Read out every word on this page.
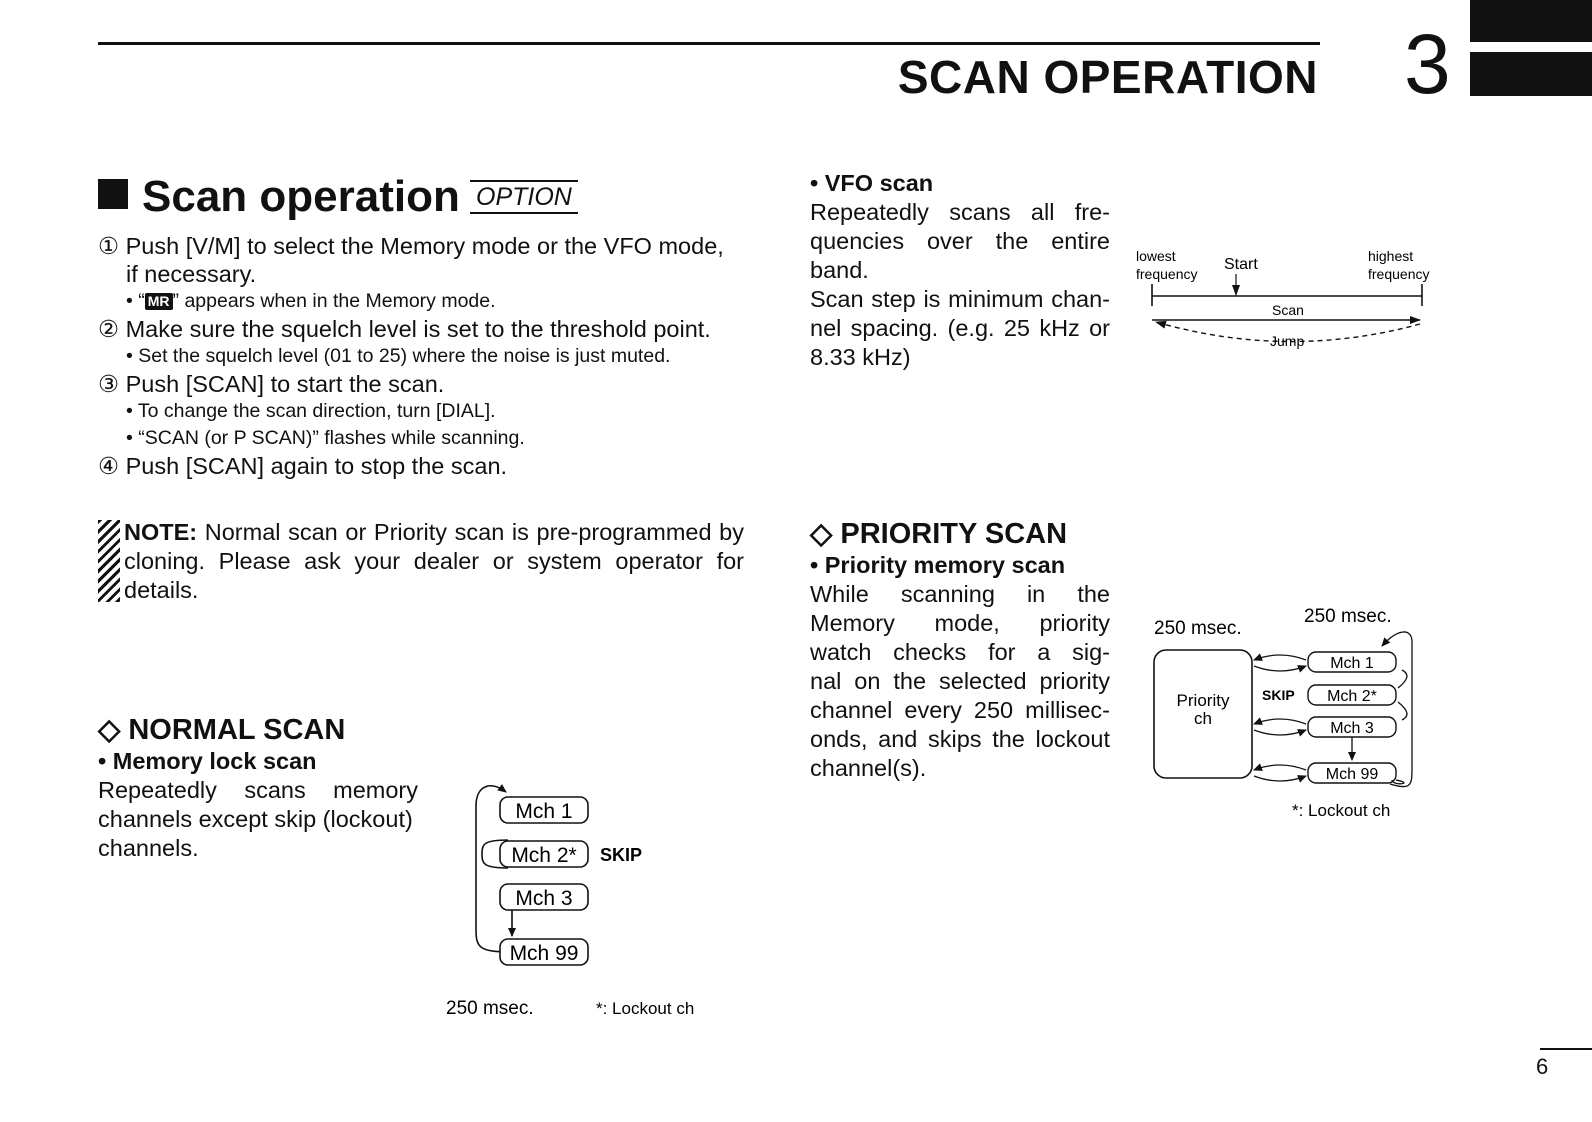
SCAN OPERATION 3
Scan operation OPTION
① Push [V/M] to select the Memory mode or the VFO mode,
if necessary.
• “ MR ” appears when in the Memory mode.
② Make sure the squelch level is set to the threshold point.
• Set the squelch level (01 to 25) where the noise is just muted.
③ Push [SCAN] to start the scan.
• To change the scan direction, turn [DIAL].
• “SCAN (or P SCAN)” flashes while scanning.
④ Push [SCAN] again to stop the scan.
NOTE: Normal scan or Priority scan is pre-programmed by cloning. Please ask your dealer or system operator for details.
◇ NORMAL SCAN
• Memory lock scan
Repeatedly scans memory
channels except skip (lockout)
channels.
Mch 1
Mch 2*
Mch 3
Mch 99
SKIP
250 msec.	*: Lockout ch
• VFO scan
Repeatedly scans all fre-
quencies over the entire
band.
Scan step is minimum chan-
nel spacing. (e.g. 25 kHz or
8.33 kHz)
lowest
frequency
Start	highest
frequency
Scan
Jump
◇ PRIORITY SCAN
• Priority memory scan
While scanning in the
Memory mode, priority
watch checks for a sig-
nal on the selected priority
channel every 250 millisec-
onds, and skips the lockout
channel(s).
250 msec.
250 msec.
Priority
ch
Mch 1
Mch 2*
Mch 3
Mch 99
SKIP
*: Lockout ch
6
